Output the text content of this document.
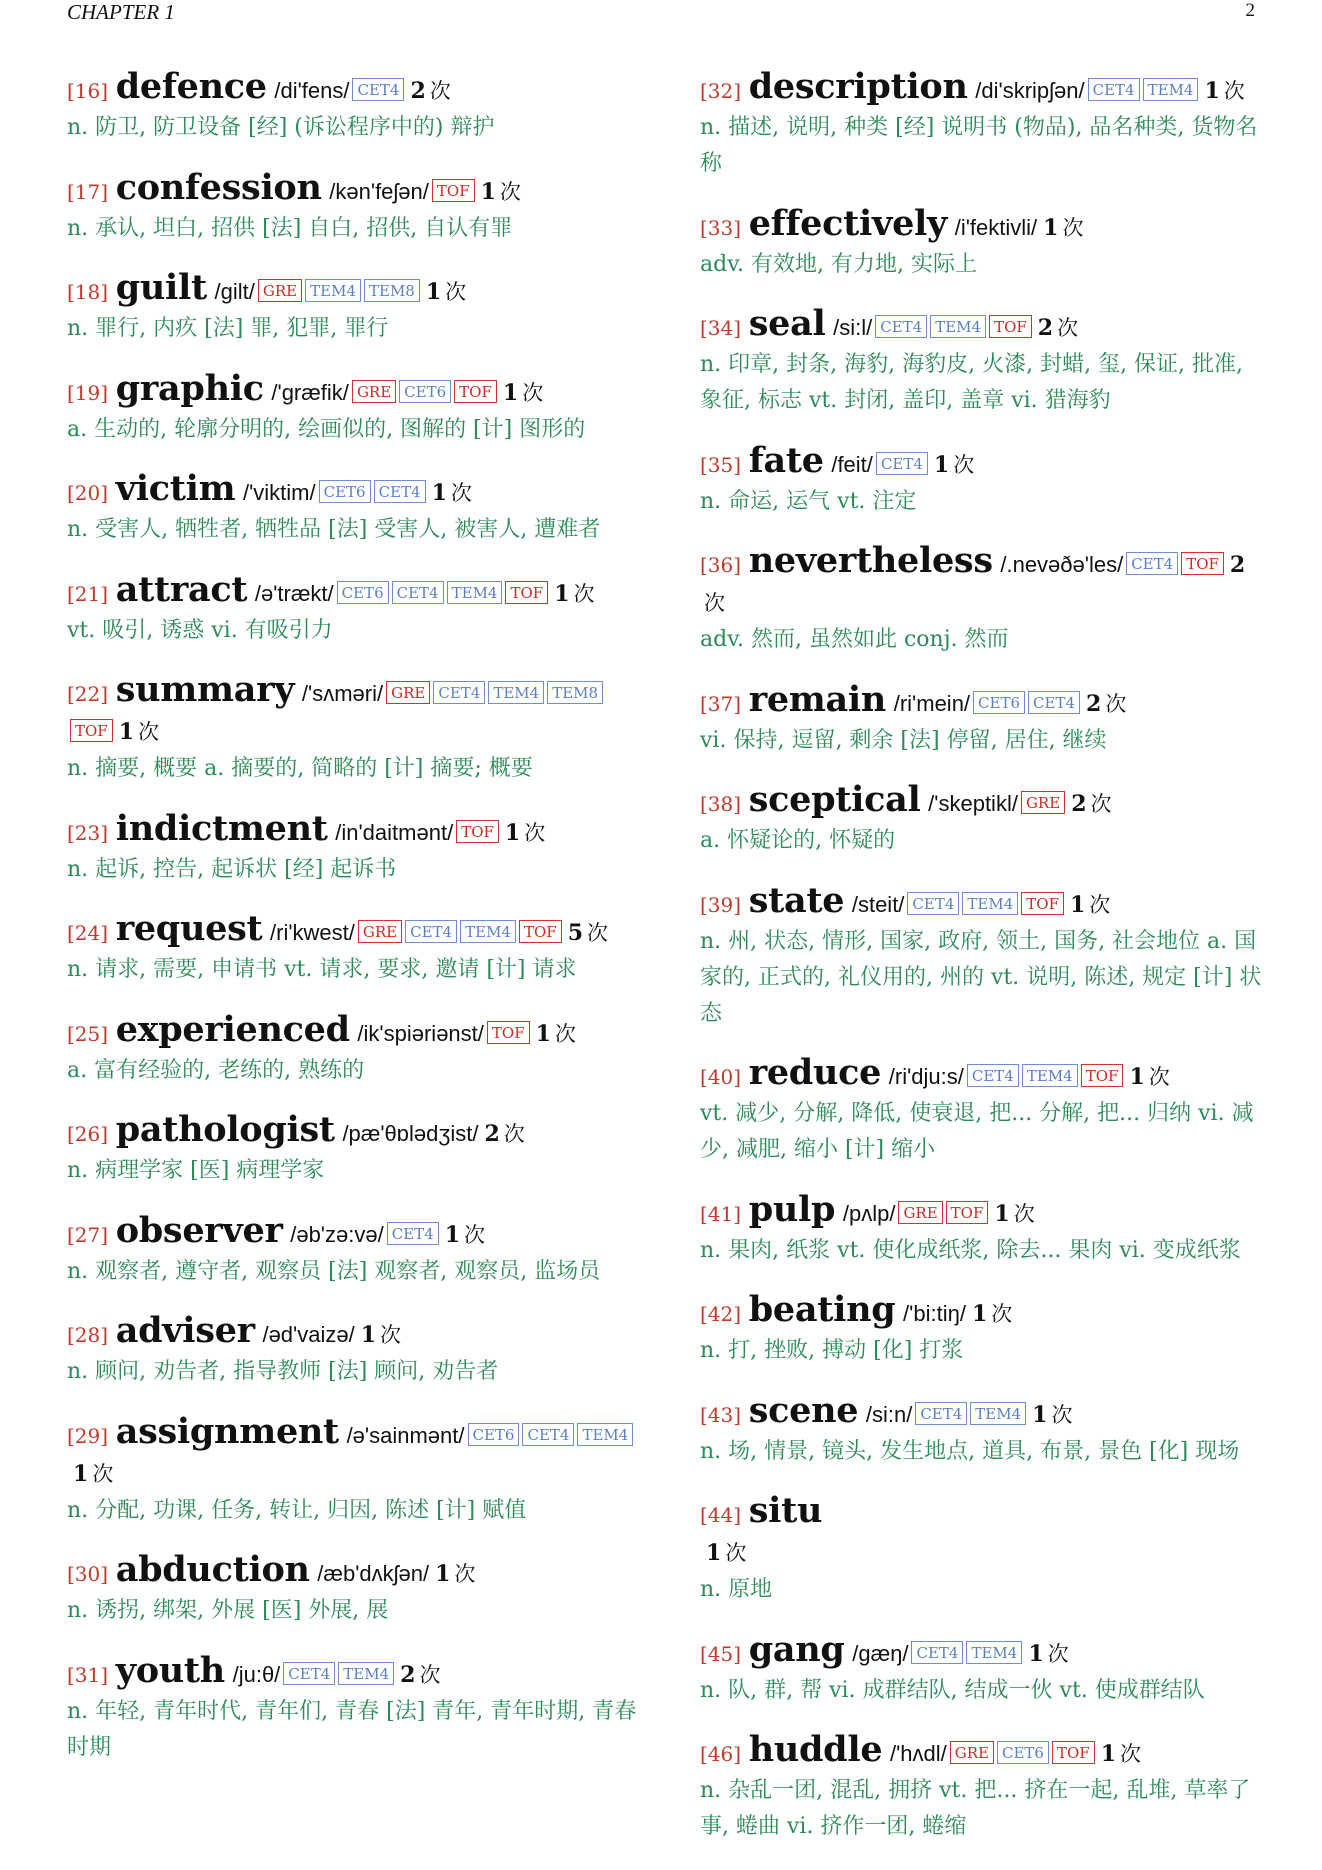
CHAPTER 1	2
[16] defence /di'fens/ CET4 2 次
n. 防卫, 防卫设备 [经] (诉讼程序中的) 辩护
[17] confession /kən'feʃən/ TOF 1 次
n. 承认, 坦白, 招供 [法] 自白, 招供, 自认有罪
[18] guilt /gilt/ GRE TEM4 TEM8 1 次
n. 罪行, 内疚 [法] 罪, 犯罪, 罪行
[19] graphic /'græfik/ GRE CET6 TOF 1 次
a. 生动的, 轮廓分明的, 绘画似的, 图解的 [计] 图形的
[20] victim /'viktim/ CET6 CET4 1 次
n. 受害人, 牺牲者, 牺牲品 [法] 受害人, 被害人, 遭难者
[21] attract /ə'trækt/ CET6 CET4 TEM4 TOF 1 次
vt. 吸引, 诱惑 vi. 有吸引力
[22] summary /'sʌməri/ GRE CET4 TEM4 TEM8TOF 1 次
n. 摘要, 概要 a. 摘要的, 简略的 [计] 摘要; 概要
[23] indictment /in'daitmənt/ TOF 1 次
n. 起诉, 控告, 起诉状 [经] 起诉书
[24] request /ri'kwest/ GRE CET4 TEM4 TOF 5 次
n. 请求, 需要, 申请书 vt. 请求, 要求, 邀请 [计] 请求
[25] experienced /ik'spiəriənst/ TOF 1 次
a. 富有经验的, 老练的, 熟练的
[26] pathologist /pæ'θɒlədʒist/ 2 次
n. 病理学家 [医] 病理学家
[27] observer /əb'zə:və/ CET4 1 次
n. 观察者, 遵守者, 观察员 [法] 观察者, 观察员, 监场员
[28] adviser /əd'vaizə/ 1 次
n. 顾问, 劝告者, 指导教师 [法] 顾问, 劝告者
[29] assignment /ə'sainmənt/ CET6 CET4 TEM41 次
n. 分配, 功课, 任务, 转让, 归因, 陈述 [计] 赋值
[30] abduction /æb'dʌkʃən/ 1 次
n. 诱拐, 绑架, 外展 [医] 外展, 展
[31] youth /ju:θ/ CET4 TEM4 2 次
n. 年轻, 青年时代, 青年们, 青春 [法] 青年, 青年时期, 青春时期
[32] description /di'skripʃən/ CET4 TEM4 1 次
n. 描述, 说明, 种类 [经] 说明书 (物品), 品名种类, 货物名称
[33] effectively /i'fektivli/ 1 次
adv. 有效地, 有力地, 实际上
[34] seal /si:l/ CET4 TEM4 TOF 2 次
n. 印章, 封条, 海豹, 海豹皮, 火漆, 封蜡, 玺, 保证, 批准, 象征, 标志 vt. 封闭, 盖印, 盖章 vi. 猎海豹
[35] fate /feit/ CET4 1 次
n. 命运, 运气 vt. 注定
[36] nevertheless /.nevəðə'les/ CET4 TOF 2次
adv. 然而, 虽然如此 conj. 然而
[37] remain /ri'mein/ CET6 CET4 2 次
vi. 保持, 逗留, 剩余 [法] 停留, 居住, 继续
[38] sceptical /'skeptikl/ GRE 2 次
a. 怀疑论的, 怀疑的
[39] state /steit/ CET4 TEM4 TOF 1 次
n. 州, 状态, 情形, 国家, 政府, 领土, 国务, 社会地位 a. 国家的, 正式的, 礼仪用的, 州的 vt. 说明, 陈述, 规定 [计] 状态
[40] reduce /ri'dju:s/ CET4 TEM4 TOF 1 次
vt. 减少, 分解, 降低, 使衰退, 把... 分解, 把... 归纳 vi. 减少, 减肥, 缩小 [计] 缩小
[41] pulp /pʌlp/ GRE TOF 1 次
n. 果肉, 纸浆 vt. 使化成纸浆, 除去... 果肉 vi. 变成纸浆
[42] beating /'bi:tiŋ/ 1 次
n. 打, 挫败, 搏动 [化] 打浆
[43] scene /si:n/ CET4 TEM4 1 次
n. 场, 情景, 镜头, 发生地点, 道具, 布景, 景色 [化] 现场
[44] situ
1 次
n. 原地
[45] gang /gæŋ/ CET4 TEM4 1 次
n. 队, 群, 帮 vi. 成群结队, 结成一伙 vt. 使成群结队
[46] huddle /'hʌdl/ GRE CET6 TOF 1 次
n. 杂乱一团, 混乱, 拥挤 vt. 把... 挤在一起, 乱堆, 草率了事, 蜷曲 vi. 挤作一团, 蜷缩
